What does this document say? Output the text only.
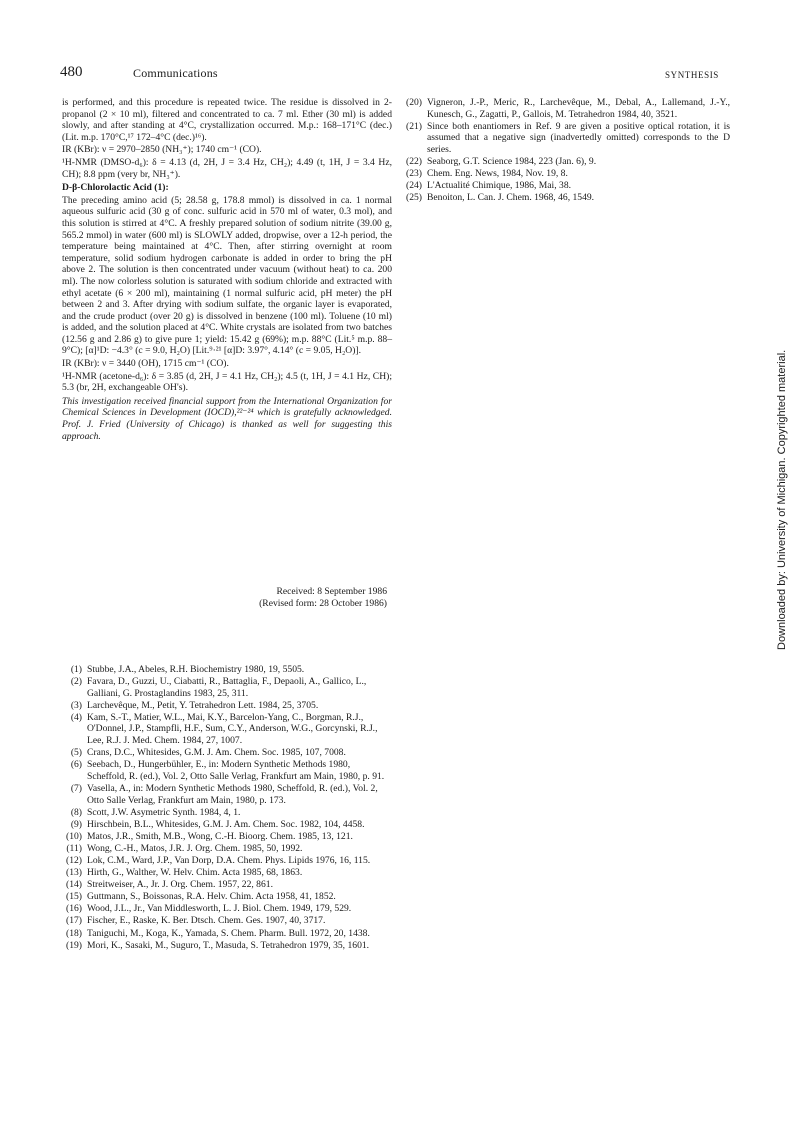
480	Communications	SYNTHESIS

is performed, and this procedure is repeated twice. The residue is dissolved in 2-propanol (2 × 10 ml), filtered and concentrated to ca. 7 ml. Ether (30 ml) is added slowly, and after standing at 4°C, crystallization occurred. M.p.: 168–171°C (dec.) (Lit. m.p. 170°C,¹⁷ 172–4°C (dec.)¹⁶).

IR (KBr): ν = 2970–2850 (NH₃⁺); 1740 cm⁻¹ (CO).

¹H-NMR (DMSO-d₆): δ = 4.13 (d, 2H, J = 3.4 Hz, CH₂); 4.49 (t, 1H, J = 3.4 Hz, CH); 8.8 ppm (very br, NH₃⁺).

D-β-Chlorolactic Acid (1):

The preceding amino acid (5; 28.58 g, 178.8 mmol) is dissolved in ca. 1 normal aqueous sulfuric acid (30 g of conc. sulfuric acid in 570 ml of water, 0.3 mol), and this solution is stirred at 4°C. A freshly prepared solution of sodium nitrite (39.00 g, 565.2 mmol) in water (600 ml) is SLOWLY added, dropwise, over a 12-h period, the temperature being maintained at 4°C. Then, after stirring overnight at room temperature, solid sodium hydrogen carbonate is added in order to bring the pH above 2. The solution is then concentrated under vacuum (without heat) to ca. 200 ml). The now colorless solution is saturated with sodium chloride and extracted with ethyl acetate (6 × 200 ml), maintaining (1 normal sulfuric acid, pH meter) the pH between 2 and 3. After drying with sodium sulfate, the organic layer is evaporated, and the crude product (over 20 g) is dissolved in benzene (100 ml). Toluene (10 ml) is added, and the solution placed at 4°C. White crystals are isolated from two batches (12.56 g and 2.86 g) to give pure 1; yield: 15.42 g (69%); m.p. 88°C (Lit.⁵ m.p. 88–9°C); [α]¹D: −4.3° (c = 9.0, H₂O) [Lit.⁹·²¹ [α]D: 3.97°, 4.14° (c = 9.05, H₂O)].

IR (KBr): ν = 3440 (OH), 1715 cm⁻¹ (CO).

¹H-NMR (acetone-d₆): δ = 3.85 (d, 2H, J = 4.1 Hz, CH₂); 4.5 (t, 1H, J = 4.1 Hz, CH); 5.3 (br, 2H, exchangeable OH's).

This investigation received financial support from the International Organization for Chemical Sciences in Development (IOCD),²²⁻²⁴ which is gratefully acknowledged. Prof. J. Fried (University of Chicago) is thanked as well for suggesting this approach.

Received: 8 September 1986
(Revised form: 28 October 1986)
(1) Stubbe, J.A., Abeles, R.H. Biochemistry 1980, 19, 5505.
(2) Favara, D., Guzzi, U., Ciabatti, R., Battaglia, F., Depaoli, A., Gallico, L., Galliani, G. Prostaglandins 1983, 25, 311.
(3) Larchevêque, M., Petit, Y. Tetrahedron Lett. 1984, 25, 3705.
(4) Kam, S.-T., Matier, W.L., Mai, K.Y., Barcelon-Yang, C., Borgman, R.J., O'Donnel, J.P., Stampfli, H.F., Sum, C.Y., Anderson, W.G., Gorcynski, R.J., Lee, R.J. J. Med. Chem. 1984, 27, 1007.
(5) Crans, D.C., Whitesides, G.M. J. Am. Chem. Soc. 1985, 107, 7008.
(6) Seebach, D., Hungerbühler, E., in: Modern Synthetic Methods 1980, Scheffold, R. (ed.), Vol. 2, Otto Salle Verlag, Frankfurt am Main, 1980, p. 91.
(7) Vasella, A., in: Modern Synthetic Methods 1980, Scheffold, R. (ed.), Vol. 2, Otto Salle Verlag, Frankfurt am Main, 1980, p. 173.
(8) Scott, J.W. Asymetric Synth. 1984, 4, 1.
(9) Hirschbein, B.L., Whitesides, G.M. J. Am. Chem. Soc. 1982, 104, 4458.
(10) Matos, J.R., Smith, M.B., Wong, C.-H. Bioorg. Chem. 1985, 13, 121.
(11) Wong, C.-H., Matos, J.R. J. Org. Chem. 1985, 50, 1992.
(12) Lok, C.M., Ward, J.P., Van Dorp, D.A. Chem. Phys. Lipids 1976, 16, 115.
(13) Hirth, G., Walther, W. Helv. Chim. Acta 1985, 68, 1863.
(14) Streitweiser, A., Jr. J. Org. Chem. 1957, 22, 861.
(15) Guttmann, S., Boissonas, R.A. Helv. Chim. Acta 1958, 41, 1852.
(16) Wood, J.L., Jr., Van Middlesworth, L. J. Biol. Chem. 1949, 179, 529.
(17) Fischer, E., Raske, K. Ber. Dtsch. Chem. Ges. 1907, 40, 3717.
(18) Taniguchi, M., Koga, K., Yamada, S. Chem. Pharm. Bull. 1972, 20, 1438.
(19) Mori, K., Sasaki, M., Suguro, T., Masuda, S. Tetrahedron 1979, 35, 1601.
(20) Vigneron, J.-P., Meric, R., Larchevêque, M., Debal, A., Lallemand, J.-Y., Kunesch, G., Zagatti, P., Gallois, M. Tetrahedron 1984, 40, 3521.
(21) Since both enantiomers in Ref. 9 are given a positive optical rotation, it is assumed that a negative sign (inadvertedly omitted) corresponds to the D series.
(22) Seaborg, G.T. Science 1984, 223 (Jan. 6), 9.
(23) Chem. Eng. News, 1984, Nov. 19, 8.
(24) L'Actualité Chimique, 1986, Mai, 38.
(25) Benoiton, L. Can. J. Chem. 1968, 46, 1549.
Downloaded by: University of Michigan. Copyrighted material.
